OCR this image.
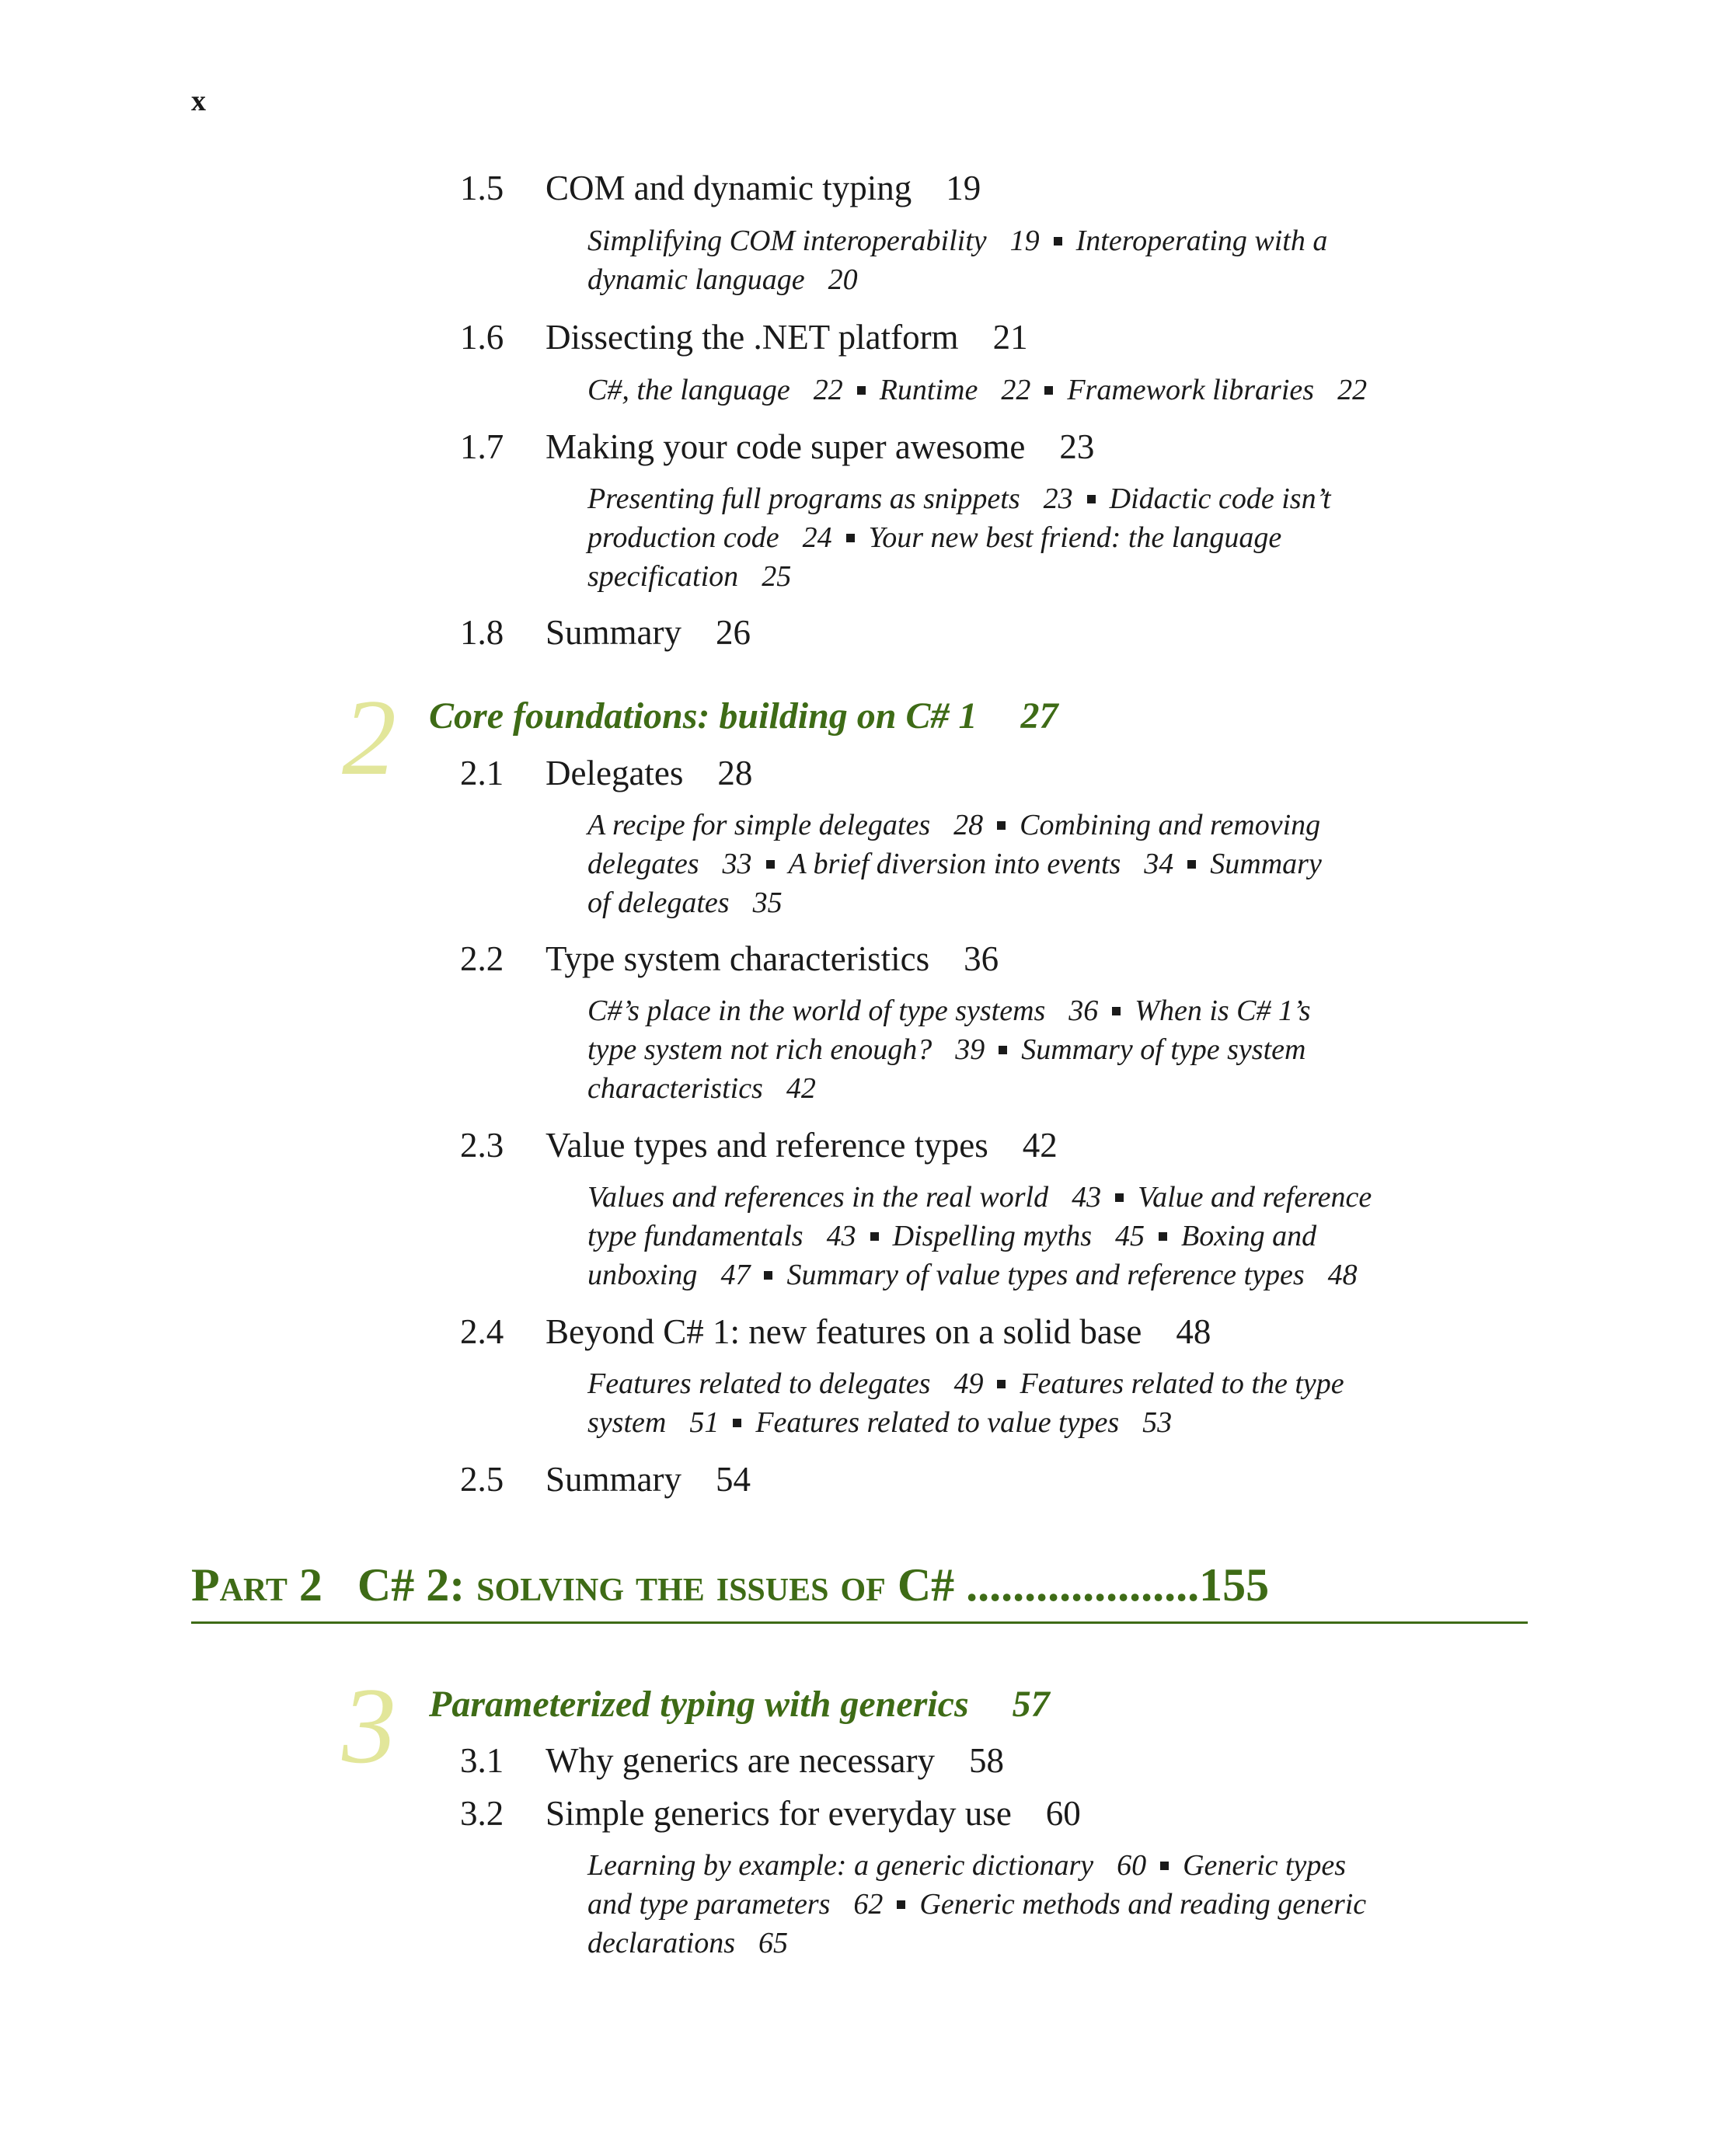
x
1.5 COM and dynamic typing 19
Simplifying COM interoperability 19 Interoperating with a
dynamic language 20
1.6 Dissecting the .NET platform 21
C#, the language 22 Runtime 22 Framework libraries 22
1.7 Making your code super awesome 23
Presenting full programs as snippets 23 Didactic code isn’t
production code 24 Your new best friend: the language
specification 25
1.8 Summary 26
2 Core foundations: building on C# 1 27
2.1 Delegates 28
A recipe for simple delegates 28 Combining and removing
delegates 33 A brief diversion into events 34 Summary
of delegates 35
2.2 Type system characteristics 36
C#’s place in the world of type systems 36 When is C# 1’s
type system not rich enough? 39 Summary of type system
characteristics 42
2.3 Value types and reference types 42
Values and references in the real world 43 Value and reference
type fundamentals 43 Dispelling myths 45 Boxing and
unboxing 47 Summary of value types and reference types 48
2.4 Beyond C# 1: new features on a solid base 48
Features related to delegates 49 Features related to the type
system 51 Features related to value types 53
2.5 Summary 54
Part 2 C# 2: solving the issues of C# ....................155
3 Parameterized typing with generics 57
3.1 Why generics are necessary 58
3.2 Simple generics for everyday use 60
Learning by example: a generic dictionary 60 Generic types
and type parameters 62 Generic methods and reading generic
declarations 65
